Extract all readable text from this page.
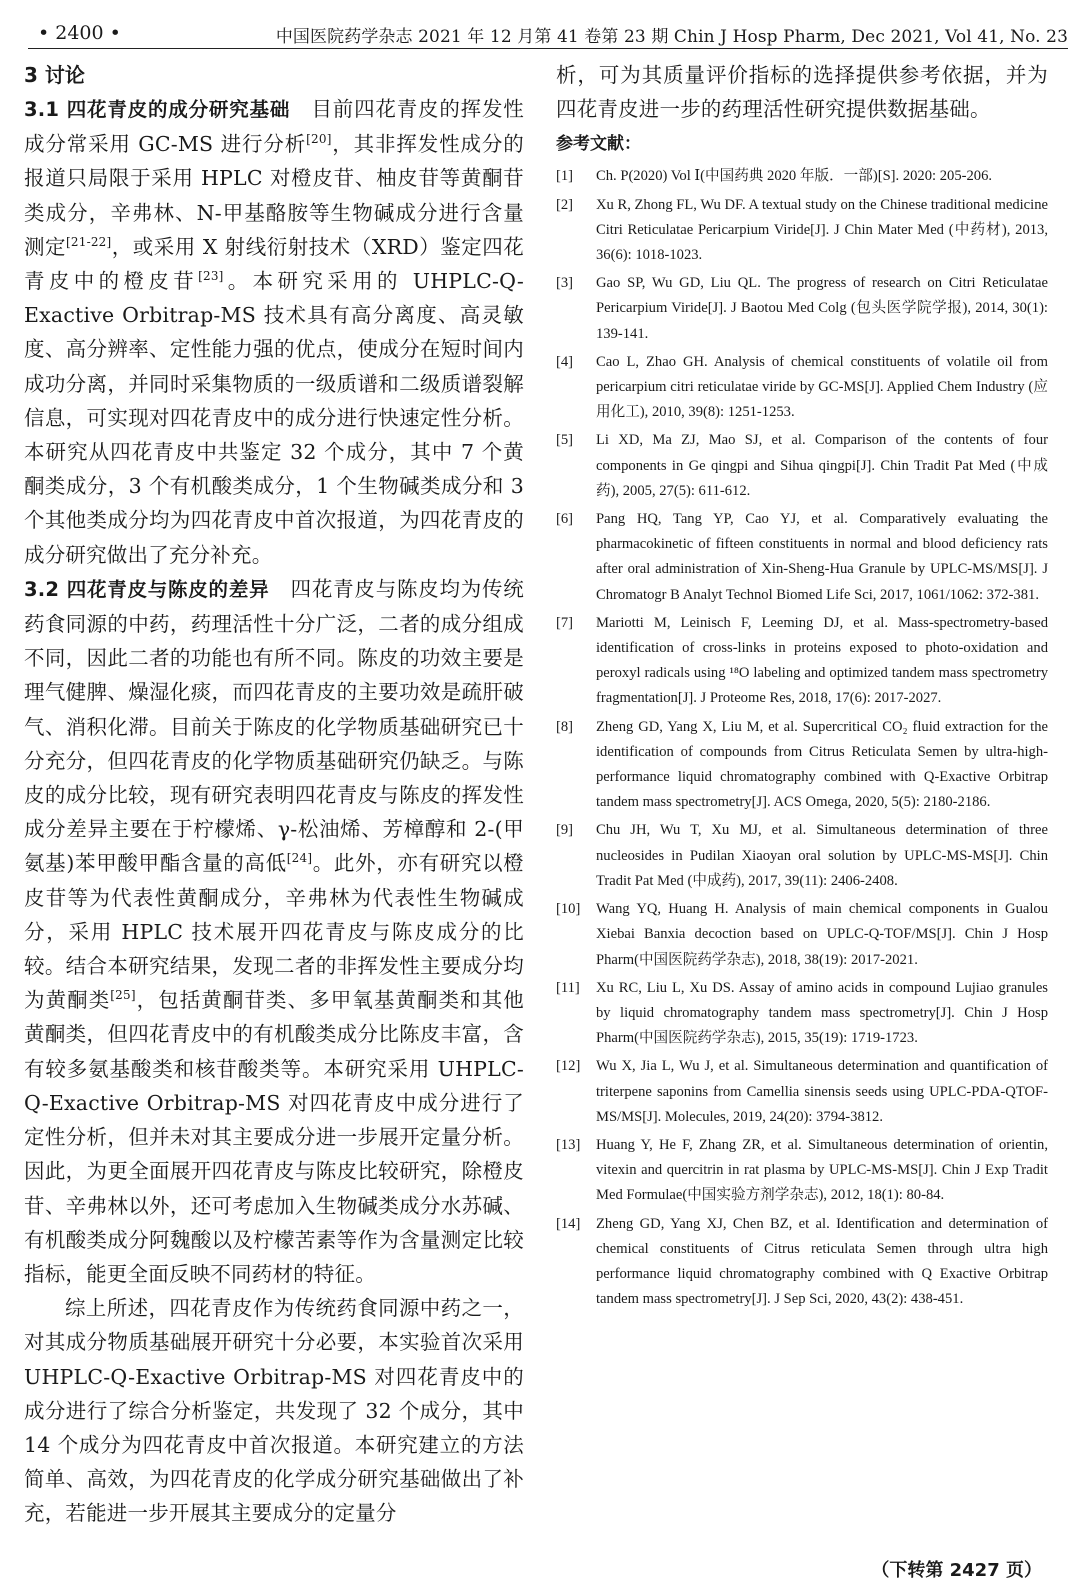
• 2400 •	中国医院药学杂志 2021 年 12 月第 41 卷第 23 期 Chin J Hosp Pharm, Dec 2021, Vol 41, No. 23
3 讨论

3.1 四花青皮的成分研究基础  目前四花青皮的挥发性成分常采用 GC-MS 进行分析[20]，其非挥发性成分的报道只局限于采用 HPLC 对橙皮苷、柚皮苷等黄酮苷类成分，辛弗林、N-甲基酪胺等生物碱成分进行含量测定[21-22]，或采用 X 射线衍射技术（XRD）鉴定四花青皮中的橙皮苷[23]。本研究采用的 UHPLC-Q-Exactive Orbitrap-MS 技术具有高分离度、高灵敏度、高分辨率、定性能力强的优点，使成分在短时间内成功分离，并同时采集物质的一级质谱和二级质谱裂解信息，可实现对四花青皮中的成分进行快速定性分析。本研究从四花青皮中共鉴定 32 个成分，其中 7 个黄酮类成分，3 个有机酸类成分，1 个生物碱类成分和 3 个其他类成分均为四花青皮中首次报道，为四花青皮的成分研究做出了充分补充。

3.2 四花青皮与陈皮的差异  四花青皮与陈皮均为传统药食同源的中药，药理活性十分广泛，二者的成分组成不同，因此二者的功能也有所不同。陈皮的功效主要是理气健脾、燥湿化痰，而四花青皮的主要功效是疏肝破气、消积化滞。目前关于陈皮的化学物质基础研究已十分充分，但四花青皮的化学物质基础研究仍缺乏。与陈皮的成分比较，现有研究表明四花青皮与陈皮的挥发性成分差异主要在于柠檬烯、γ-松油烯、芳樟醇和 2-(甲氨基)苯甲酸甲酯含量的高低[24]。此外，亦有研究以橙皮苷等为代表性黄酮成分，辛弗林为代表性生物碱成分，采用 HPLC 技术展开四花青皮与陈皮成分的比较。结合本研究结果，发现二者的非挥发性主要成分均为黄酮类[25]，包括黄酮苷类、多甲氧基黄酮类和其他黄酮类，但四花青皮中的有机酸类成分比陈皮丰富，含有较多氨基酸类和核苷酸类等。本研究采用 UHPLC-Q-Exactive Orbitrap-MS 对四花青皮中成分进行了定性分析，但并未对其主要成分进一步展开定量分析。因此，为更全面展开四花青皮与陈皮比较研究，除橙皮苷、辛弗林以外，还可考虑加入生物碱类成分水苏碱、有机酸类成分阿魏酸以及柠檬苦素等作为含量测定比较指标，能更全面反映不同药材的特征。

综上所述，四花青皮作为传统药食同源中药之一，对其成分物质基础展开研究十分必要，本实验首次采用 UHPLC-Q-Exactive Orbitrap-MS 对四花青皮中的成分进行了综合分析鉴定，共发现了 32 个成分，其中 14 个成分为四花青皮中首次报道。本研究建立的方法简单、高效，为四花青皮的化学成分研究基础做出了补充，若能进一步开展其主要成分的定量分

析，可为其质量评价指标的选择提供参考依据，并为四花青皮进一步的药理活性研究提供数据基础。

参考文献：
[1] Ch. P(2020) Vol Ⅰ(中国药典 2020 年版．一部)[S]. 2020: 205-206.
[2] Xu R, Zhong FL, Wu DF. A textual study on the Chinese traditional medicine Citri Reticulatae Pericarpium Viride[J]. J Chin Mater Med (中药材), 2013, 36(6): 1018-1023.
[3] Gao SP, Wu GD, Liu QL. The progress of research on Citri Reticulatae Pericarpium Viride[J]. J Baotou Med Colg (包头医学院学报), 2014, 30(1): 139-141.
[4] Cao L, Zhao GH. Analysis of chemical constituents of volatile oil from pericarpium citri reticulatae viride by GC-MS[J]. Applied Chem Industry (应用化工), 2010, 39(8): 1251-1253.
[5] Li XD, Ma ZJ, Mao SJ, et al. Comparison of the contents of four components in Ge qingpi and Sihua qingpi[J]. Chin Tradit Pat Med (中成药), 2005, 27(5): 611-612.
[6] Pang HQ, Tang YP, Cao YJ, et al. Comparatively evaluating the pharmacokinetic of fifteen constituents in normal and blood deficiency rats after oral administration of Xin-Sheng-Hua Granule by UPLC-MS/MS[J]. J Chromatogr B Analyt Technol Biomed Life Sci, 2017, 1061/1062: 372-381.
[7] Mariotti M, Leinisch F, Leeming DJ, et al. Mass-spectrometry-based identification of cross-links in proteins exposed to photo-oxidation and peroxyl radicals using ¹⁸O labeling and optimized tandem mass spectrometry fragmentation[J]. J Proteome Res, 2018, 17(6): 2017-2027.
[8] Zheng GD, Yang X, Liu M, et al. Supercritical CO₂ fluid extraction for the identification of compounds from Citrus Reticulata Semen by ultra-high-performance liquid chromatography combined with Q-Exactive Orbitrap tandem mass spectrometry[J]. ACS Omega, 2020, 5(5): 2180-2186.
[9] Chu JH, Wu T, Xu MJ, et al. Simultaneous determination of three nucleosides in Pudilan Xiaoyan oral solution by UPLC-MS-MS[J]. Chin Tradit Pat Med (中成药), 2017, 39(11): 2406-2408.
[10] Wang YQ, Huang H. Analysis of main chemical components in Gualou Xiebai Banxia decoction based on UPLC-Q-TOF/MS[J]. Chin J Hosp Pharm(中国医院药学杂志), 2018, 38(19): 2017-2021.
[11] Xu RC, Liu L, Xu DS. Assay of amino acids in compound Lujiao granules by liquid chromatography tandem mass spectrometry[J]. Chin J Hosp Pharm(中国医院药学杂志), 2015, 35(19): 1719-1723.
[12] Wu X, Jia L, Wu J, et al. Simultaneous determination and quantification of triterpene saponins from Camellia sinensis seeds using UPLC-PDA-QTOF-MS/MS[J]. Molecules, 2019, 24(20): 3794-3812.
[13] Huang Y, He F, Zhang ZR, et al. Simultaneous determination of orientin, vitexin and quercitrin in rat plasma by UPLC-MS-MS[J]. Chin J Exp Tradit Med Formulae(中国实验方剂学杂志), 2012, 18(1): 80-84.
[14] Zheng GD, Yang XJ, Chen BZ, et al. Identification and determination of chemical constituents of Citrus reticulata Semen through ultra high performance liquid chromatography combined with Q Exactive Orbitrap tandem mass spectrometry[J]. J Sep Sci, 2020, 43(2): 438-451.
（下转第 2427 页）
